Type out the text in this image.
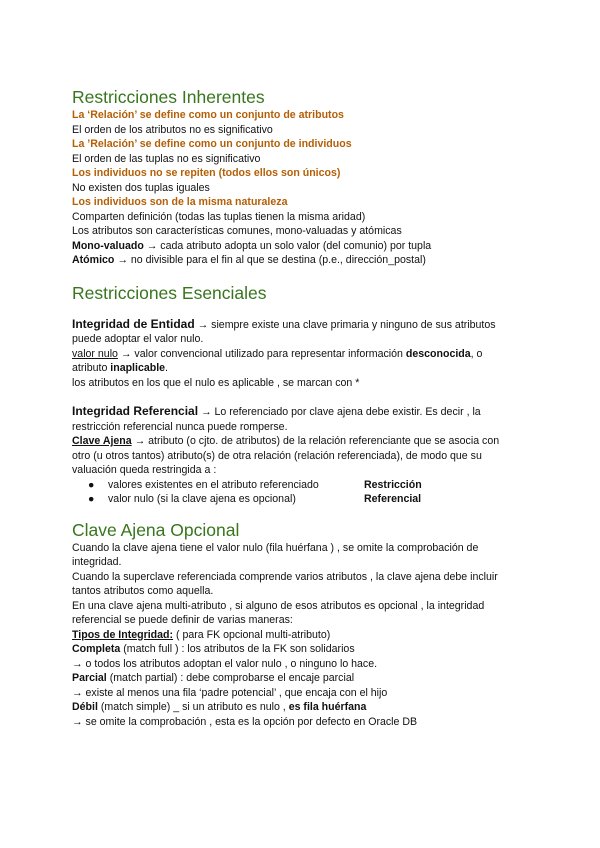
Restricciones Inherentes
La ‘Relación’ se define como un conjunto de atributos
El orden de los atributos no es significativo
La ’Relación’ se define como un conjunto de individuos
El orden de las tuplas no es significativo
Los individuos no se repiten (todos ellos son únicos)
No existen dos tuplas iguales
Los individuos son de la misma naturaleza
Comparten definición (todas las tuplas tienen la misma aridad)
Los atributos son características comunes, mono-valuadas y atómicas
Mono-valuado → cada atributo adopta un solo valor (del comunio) por tupla
Atómico → no divisible para el fin al que se destina (p.e., dirección_postal)
Restricciones Esenciales
Integridad de Entidad → siempre existe una clave primaria y ninguno de sus atributos
puede adoptar el valor nulo.
valor nulo → valor convencional utilizado para representar información desconocida, o
atributo inaplicable.
los atributos en los que el nulo es aplicable , se marcan con *
Integridad Referencial → Lo referenciado por clave ajena debe existir. Es decir , la
restricción referencial nunca puede romperse.
Clave Ajena → atributo (o cjto. de atributos) de la relación referenciante que se asocia con
otro (u otros tantos) atributo(s) de otra relación (relación referenciada), de modo que su
valuación queda restringida a :
●	valores existentes en el atributo referenciado	Restricción
●	valor nulo (si la clave ajena es opcional)	Referencial
Clave Ajena Opcional
Cuando la clave ajena tiene el valor nulo (fila huérfana ) , se omite la comprobación de
integridad.
Cuando la superclave referenciada comprende varios atributos , la clave ajena debe incluir
tantos atributos como aquella.
En una clave ajena multi-atributo , si alguno de esos atributos es opcional , la integridad
referencial se puede definir de varias maneras:
Tipos de Integridad: ( para FK opcional multi-atributo)
Completa (match full ) : los atributos de la FK son solidarios
→ o todos los atributos adoptan el valor nulo , o ninguno lo hace.
Parcial (match partial) : debe comprobarse el encaje parcial
→ existe al menos una fila ‘padre potencial’ , que encaja con el hijo
Débil (match simple) _ si un atributo es nulo , es fila huérfana
→ se omite la comprobación , esta es la opción por defecto en Oracle DB
